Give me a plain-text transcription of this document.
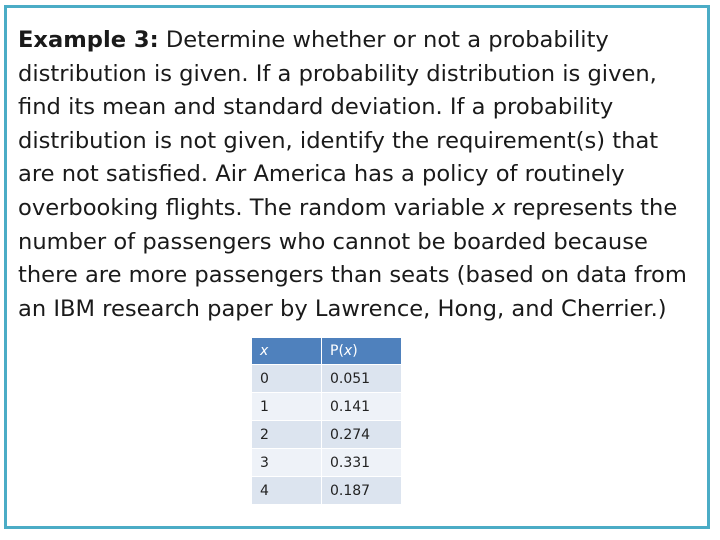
Example 3: Determine whether or not a probability
distribution is given. If a probability distribution is given,
find its mean and standard deviation. If a probability
distribution is not given, identify the requirement(s) that
are not satisfied. Air America has a policy of routinely
overbooking flights. The random variable x represents the
number of passengers who cannot be boarded because
there are more passengers than seats (based on data from
an IBM research paper by Lawrence, Hong, and Cherrier.)

x	P(x)
0	0.051
1	0.141
2	0.274
3	0.331
4	0.187
